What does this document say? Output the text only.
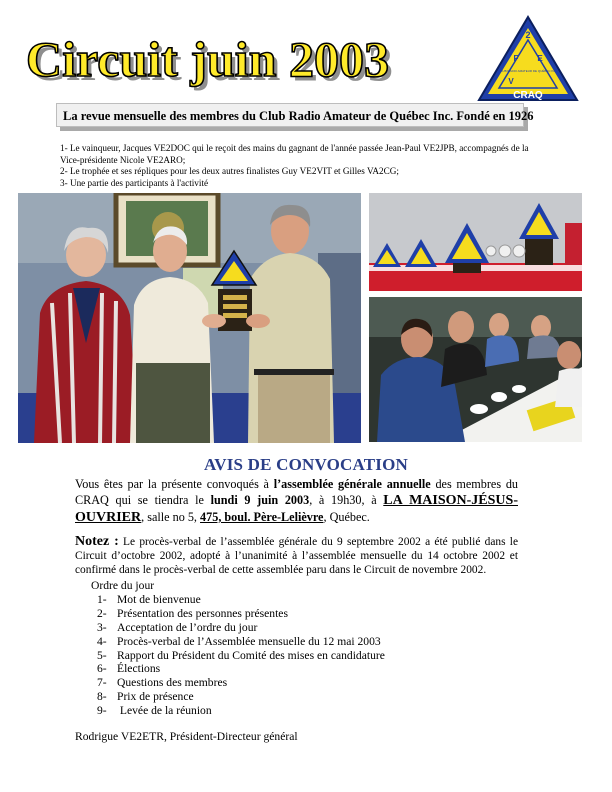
Circuit juin 2003	2
F E
CLUB RADIO AMATEUR DE QUÉBEC INC.
V
CRAQ
La revue mensuelle des membres du Club Radio Amateur de Québec Inc. Fondé en 1926
1- Le vainqueur, Jacques VE2DOC qui le reçoit des mains du gagnant de l'année passée Jean-Paul VE2JPB, accompagnés de la Vice-présidente Nicole VE2ARO;
2- Le trophée et ses répliques pour les deux autres finalistes Guy VE2VIT et Gilles VA2CG;
3- Une partie des participants à l'activité
AVIS DE CONVOCATION
Vous êtes par la présente convoqués à l’assemblée générale annuelle des membres du CRAQ qui se tiendra le lundi 9 juin 2003, à 19h30, à LA MAISON-JÉSUS-OUVRIER, salle no 5, 475, boul. Père-Lelièvre, Québec.
Notez : Le procès-verbal de l’assemblée générale du 9 septembre 2002 a été publié dans le Circuit d’octobre 2002, adopté à l’unanimité à l’assemblée mensuelle du 14 octobre 2002 et confirmé dans le procès-verbal de cette assemblée paru dans le Circuit de novembre 2002.
Ordre du jour
1- Mot de bienvenue
2- Présentation des personnes présentes
3- Acceptation de l’ordre du jour
4- Procès-verbal de l’Assemblée mensuelle du 12 mai 2003
5- Rapport du Président du Comité des mises en candidature
6- Élections
7- Questions des membres
8- Prix de présence
9- Levée de la réunion
Rodrigue VE2ETR, Président-Directeur général
